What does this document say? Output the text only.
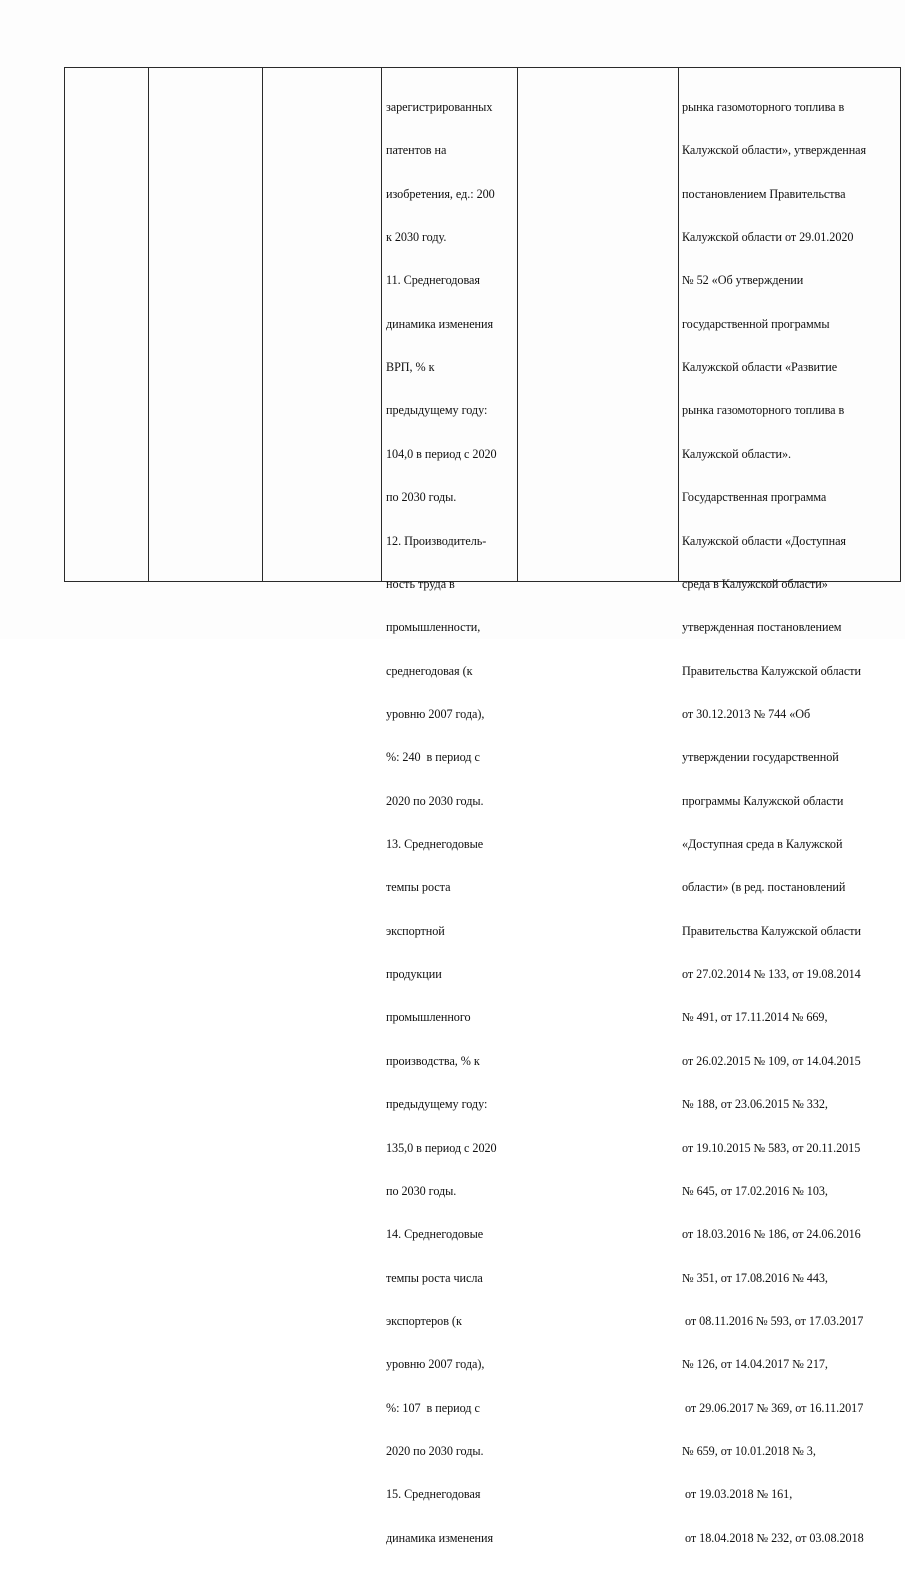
зарегистрированных

патентов на

изобретения, ед.: 200

к 2030 году.

11. Среднегодовая

динамика изменения

ВРП, % к

предыдущему году:

104,0 в период с 2020

по 2030 годы.

12. Производитель-

ность труда в

промышленности,

среднегодовая (к

уровню 2007 года),

%: 240  в период с

2020 по 2030 годы.

13. Среднегодовые

темпы роста

экспортной

продукции

промышленного

производства, % к

предыдущему году:

135,0 в период с 2020

по 2030 годы.

14. Среднегодовые

темпы роста числа

экспортеров (к

уровню 2007 года),

%: 107  в период с

2020 по 2030 годы.

15. Среднегодовая

динамика изменения

рынка газомоторного топлива в

Калужской области», утвержденная

постановлением Правительства

Калужской области от 29.01.2020

№ 52 «Об утверждении

государственной программы

Калужской области «Развитие

рынка газомоторного топлива в

Калужской области».

Государственная программа

Калужской области «Доступная

среда в Калужской области»

утвержденная постановлением

Правительства Калужской области

от 30.12.2013 № 744 «Об

утверждении государственной

программы Калужской области

«Доступная среда в Калужской

области» (в ред. постановлений

Правительства Калужской области

от 27.02.2014 № 133, от 19.08.2014

№ 491, от 17.11.2014 № 669,

от 26.02.2015 № 109, от 14.04.2015

№ 188, от 23.06.2015 № 332,

от 19.10.2015 № 583, от 20.11.2015

№ 645, от 17.02.2016 № 103,

от 18.03.2016 № 186, от 24.06.2016

№ 351, от 17.08.2016 № 443,

от 08.11.2016 № 593, от 17.03.2017

№ 126, от 14.04.2017 № 217,

от 29.06.2017 № 369, от 16.11.2017

№ 659, от 10.01.2018 № 3,

от 19.03.2018 № 161,

от 18.04.2018 № 232, от 03.08.2018
